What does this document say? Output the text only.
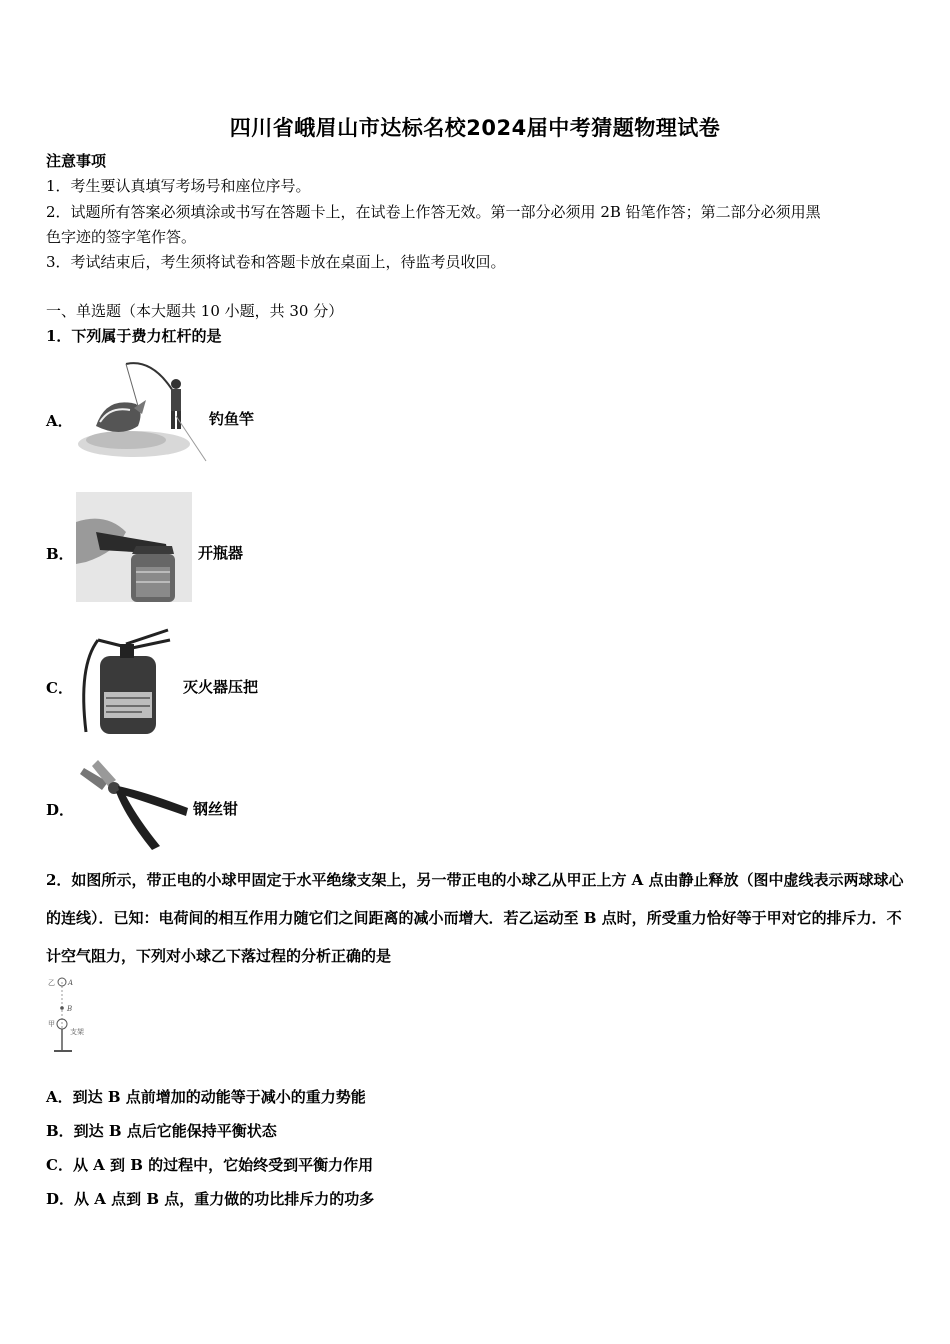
四川省峨眉山市达标名校2024届中考猜题物理试卷
注意事项
1．考生要认真填写考场号和座位序号。
2．试题所有答案必须填涂或书写在答题卡上，在试卷上作答无效。第一部分必须用 2B 铅笔作答；第二部分必须用黑
色字迹的签字笔作答。
3．考试结束后，考生须将试卷和答题卡放在桌面上，待监考员收回。
一、单选题（本大题共 10 小题，共 30 分）
1．下列属于费力杠杆的是
A．	钓鱼竿
B．	开瓶器
C．	灭火器压把
D．	钢丝钳
2．如图所示，带正电的小球甲固定于水平绝缘支架上，另一带正电的小球乙从甲正上方 A 点由静止释放（图中虚线表示两球球心的连线）．已知：电荷间的相互作用力随它们之间距离的减小而增大．若乙运动至 B 点时，所受重力恰好等于甲对它的排斥力．不计空气阻力，下列对小球乙下落过程的分析正确的是
乙 A
B
甲
支架
A．到达 B 点前增加的动能等于减小的重力势能
B．到达 B 点后它能保持平衡状态
C．从 A 到 B 的过程中，它始终受到平衡力作用
D．从 A 点到 B 点，重力做的功比排斥力的功多
